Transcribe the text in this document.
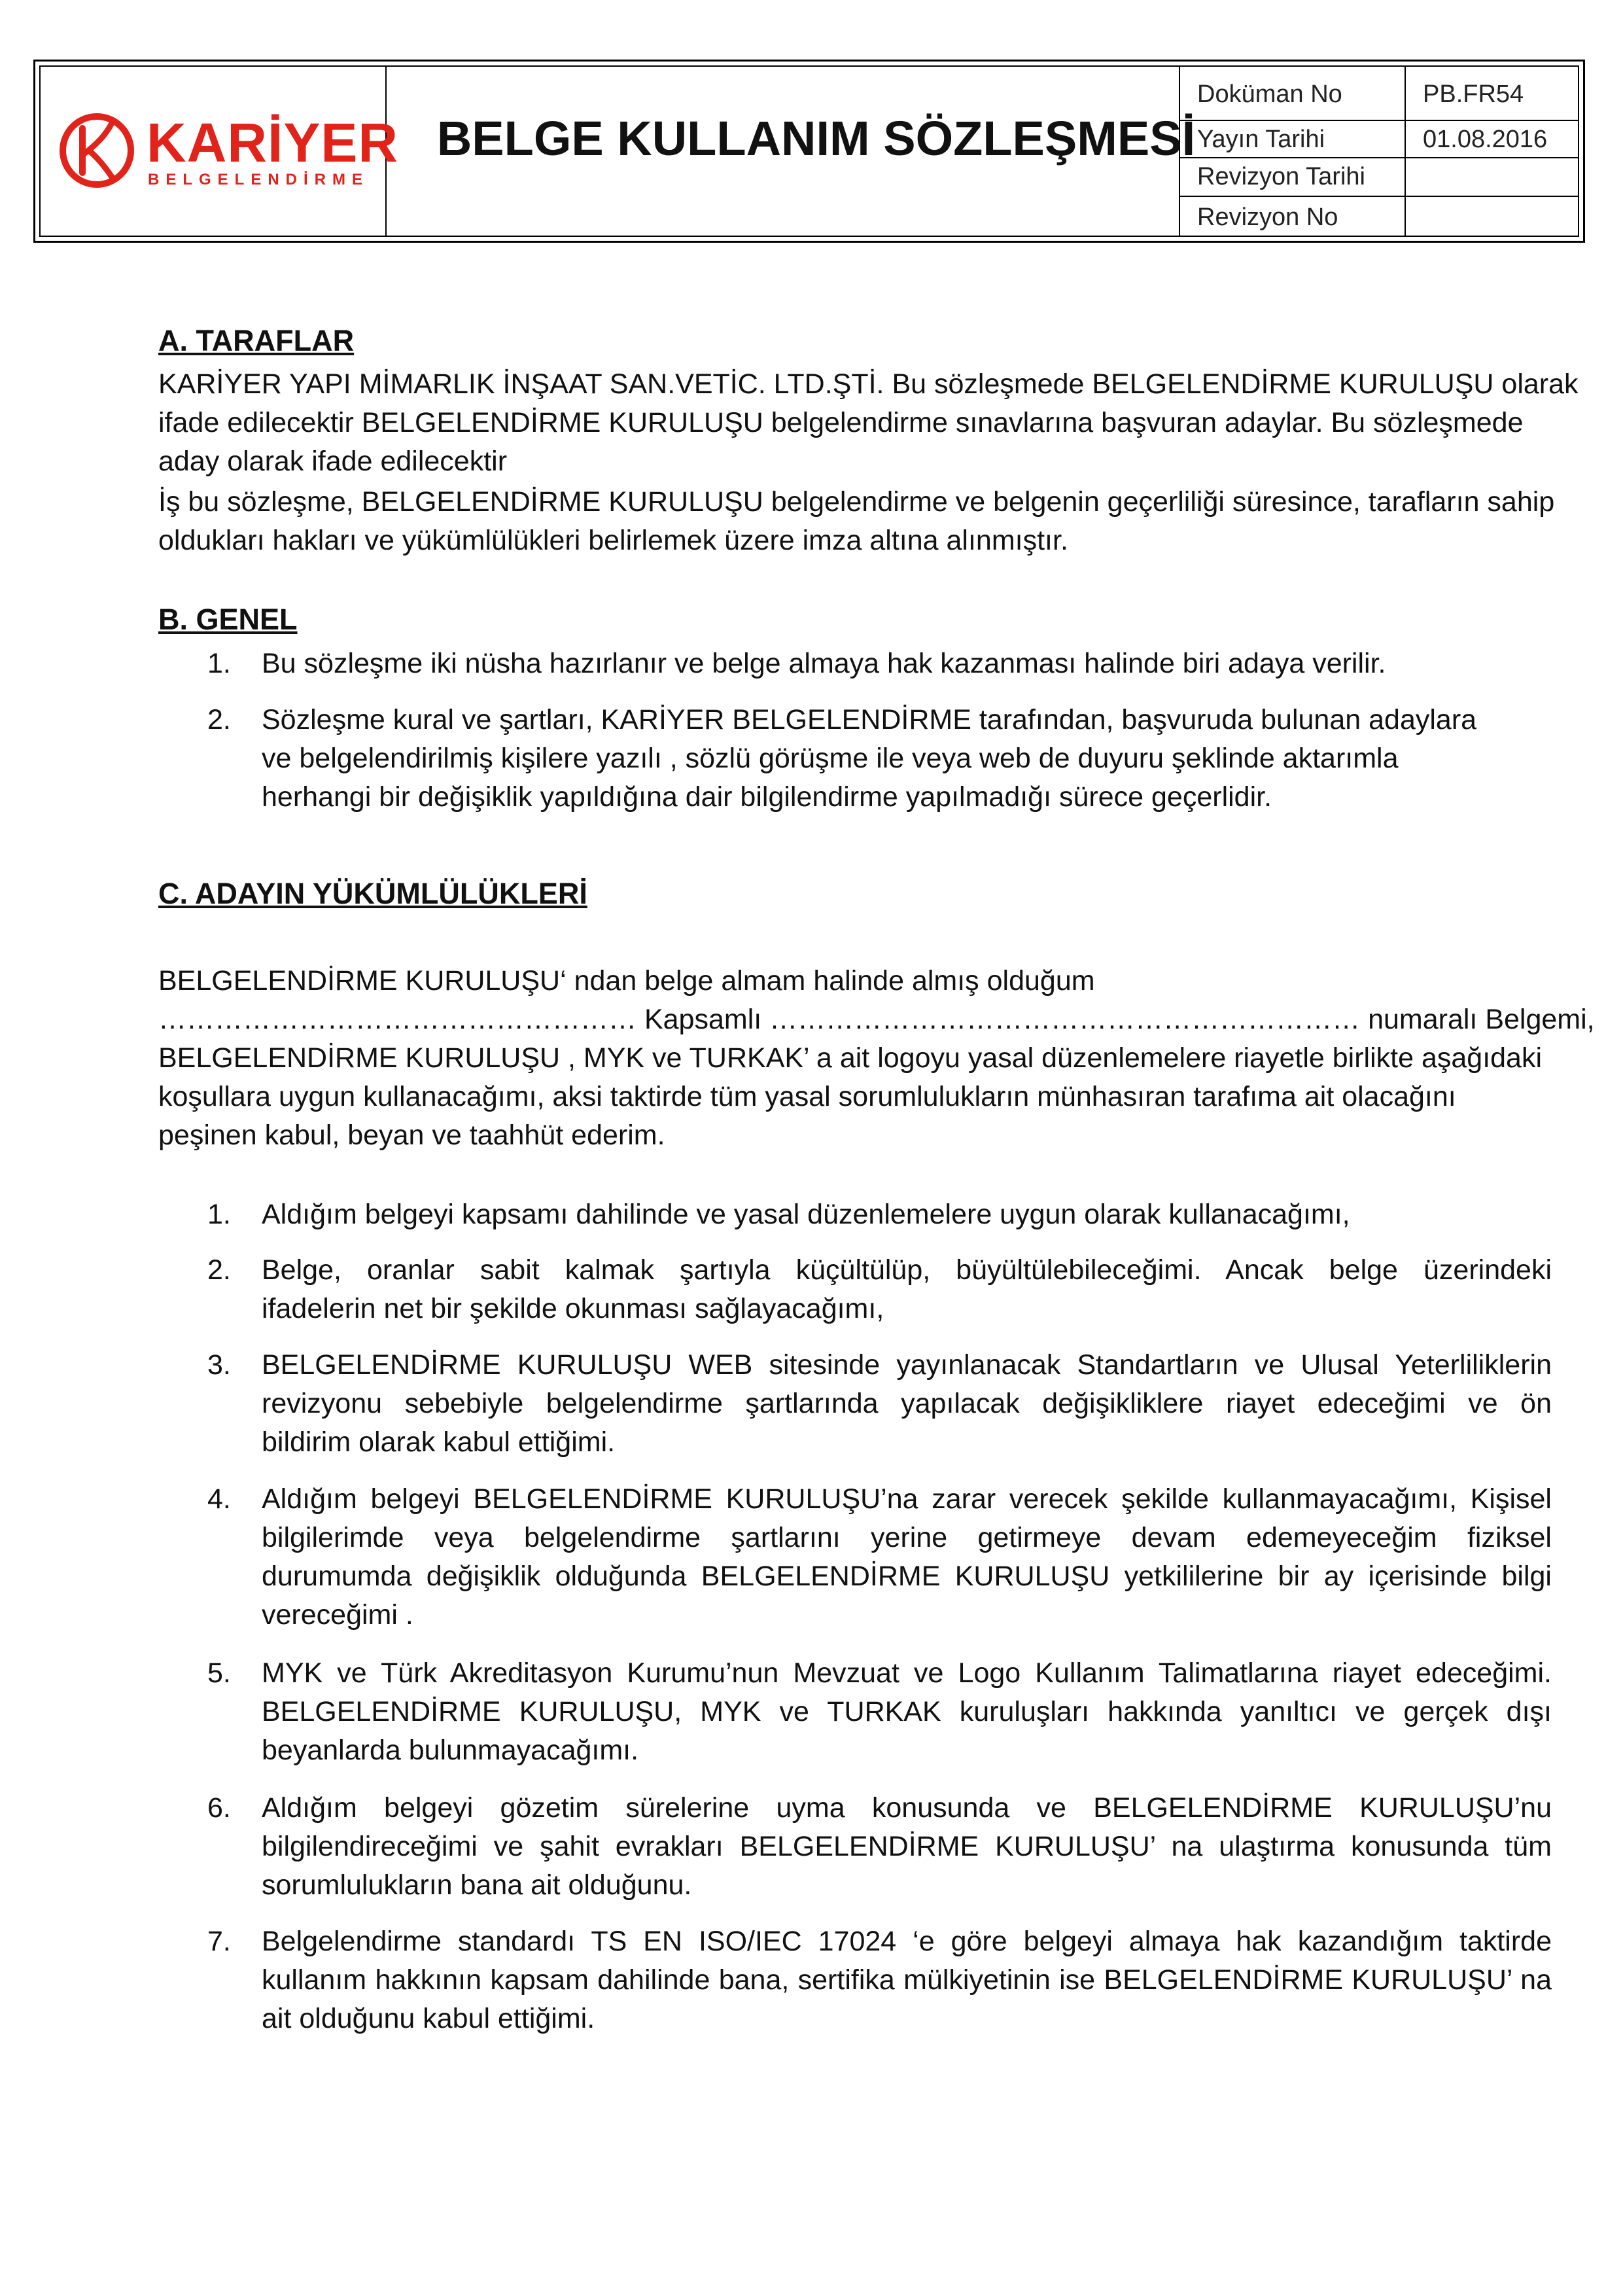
KARİYER
BELGELENDİRME
BELGE KULLANIM SÖZLEŞMESİ
Doküman No	PB.FR54
Yayın Tarihi	01.08.2016
Revizyon Tarihi
Revizyon No
A. TARAFLAR
KARİYER YAPI MİMARLIK İNŞAAT SAN.VETİC. LTD.ŞTİ. Bu sözleşmede BELGELENDİRME KURULUŞU olarak
ifade edilecektir BELGELENDİRME KURULUŞU belgelendirme sınavlarına başvuran adaylar. Bu sözleşmede
aday olarak ifade edilecektir
İş bu sözleşme, BELGELENDİRME KURULUŞU belgelendirme ve belgenin geçerliliği süresince, tarafların sahip
oldukları hakları ve yükümlülükleri belirlemek üzere imza altına alınmıştır.
B. GENEL
1. Bu sözleşme iki nüsha hazırlanır ve belge almaya hak kazanması halinde biri adaya verilir.
2. Sözleşme kural ve şartları, KARİYER BELGELENDİRME tarafından, başvuruda bulunan adaylara
ve belgelendirilmiş kişilere yazılı , sözlü görüşme ile veya web de duyuru şeklinde aktarımla
herhangi bir değişiklik yapıldığına dair bilgilendirme yapılmadığı sürece geçerlidir.
C. ADAYIN YÜKÜMLÜLÜKLERİ
BELGELENDİRME KURULUŞU‘ ndan belge almam halinde almış olduğum
…………………………………………… Kapsamlı ……………………………………………………… numaralı Belgemi,
BELGELENDİRME KURULUŞU , MYK ve TURKAK’ a ait logoyu yasal düzenlemelere riayetle birlikte aşağıdaki
koşullara uygun kullanacağımı, aksi taktirde tüm yasal sorumlulukların münhasıran tarafıma ait olacağını
peşinen kabul, beyan ve taahhüt ederim.
1. Aldığım belgeyi kapsamı dahilinde ve yasal düzenlemelere uygun olarak kullanacağımı,
2. Belge, oranlar sabit kalmak şartıyla küçültülüp, büyültülebileceğimi. Ancak belge üzerindeki
ifadelerin net bir şekilde okunması sağlayacağımı,
3. BELGELENDİRME KURULUŞU WEB sitesinde yayınlanacak Standartların ve Ulusal Yeterliliklerin
revizyonu sebebiyle belgelendirme şartlarında yapılacak değişikliklere riayet edeceğimi ve ön
bildirim olarak kabul ettiğimi.
4. Aldığım belgeyi BELGELENDİRME KURULUŞU’na zarar verecek şekilde kullanmayacağımı, Kişisel
bilgilerimde veya belgelendirme şartlarını yerine getirmeye devam edemeyeceğim fiziksel
durumumda değişiklik olduğunda BELGELENDİRME KURULUŞU yetkililerine bir ay içerisinde bilgi
vereceğimi .
5. MYK ve Türk Akreditasyon Kurumu’nun Mevzuat ve Logo Kullanım Talimatlarına riayet edeceğimi.
BELGELENDİRME KURULUŞU, MYK ve TURKAK kuruluşları hakkında yanıltıcı ve gerçek dışı
beyanlarda bulunmayacağımı.
6. Aldığım belgeyi gözetim sürelerine uyma konusunda ve BELGELENDİRME KURULUŞU’nu
bilgilendireceğimi ve şahit evrakları BELGELENDİRME KURULUŞU’ na ulaştırma konusunda tüm
sorumlulukların bana ait olduğunu.
7. Belgelendirme standardı TS EN ISO/IEC 17024 ‘e göre belgeyi almaya hak kazandığım taktirde
kullanım hakkının kapsam dahilinde bana, sertifika mülkiyetinin ise BELGELENDİRME KURULUŞU’ na
ait olduğunu kabul ettiğimi.
